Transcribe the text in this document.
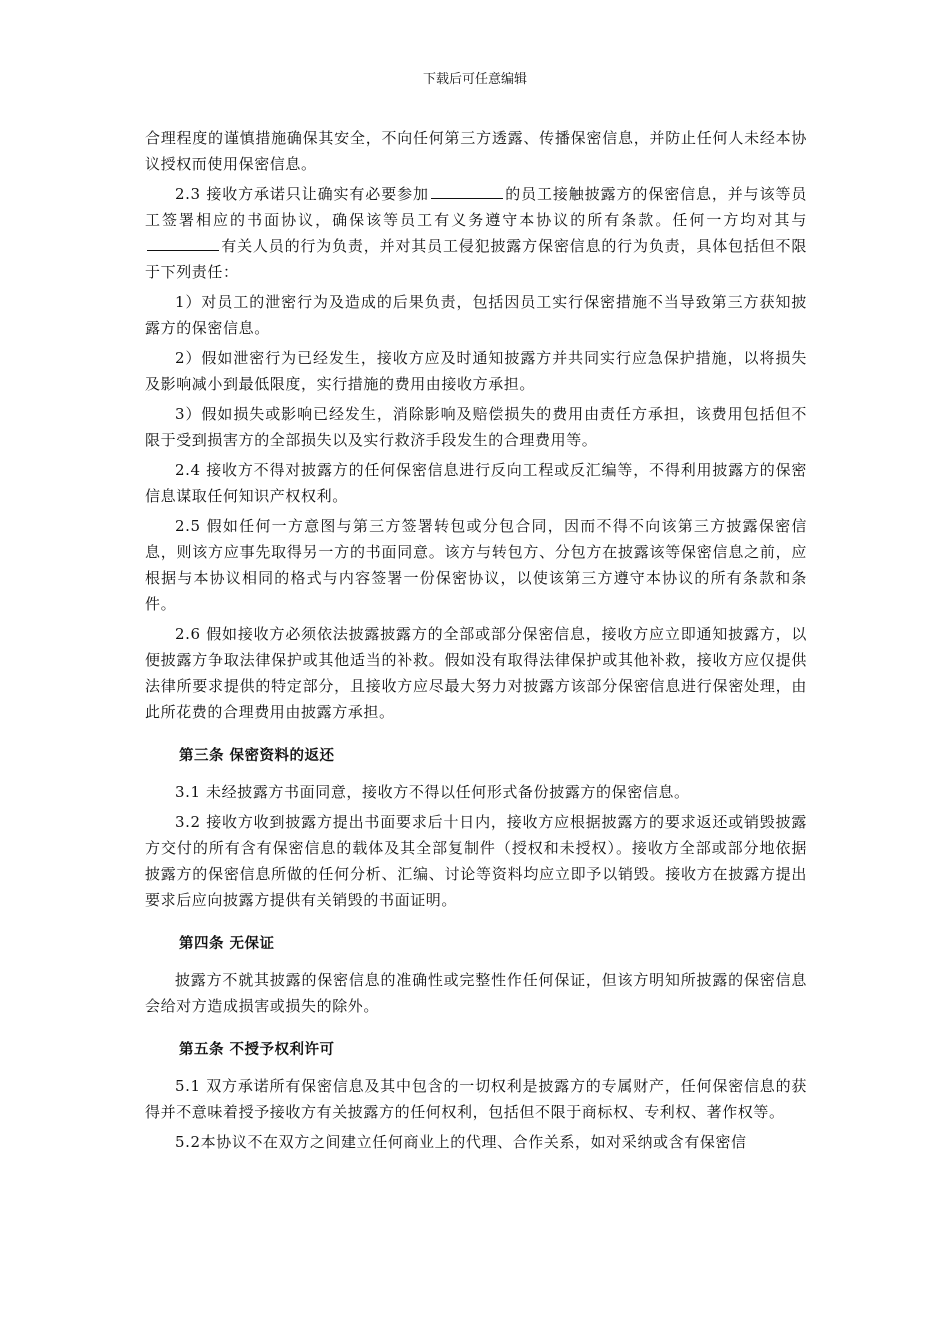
下载后可任意编辑

合理程度的谨慎措施确保其安全，不向任何第三方透露、传播保密信息，并防止任何人未经本协议授权而使用保密信息。

2.3 接收方承诺只让确实有必要参加	的员工接触披露方的保密信息，并与该等员工签署相应的书面协议，确保该等员工有义务遵守本协议的所有条款。任何一方均对其与有关人员的行为负责，并对其员工侵犯披露方保密信息的行为负责，具体包括但不限于下列责任：

1）对员工的泄密行为及造成的后果负责，包括因员工实行保密措施不当导致第三方获知披露方的保密信息。

2）假如泄密行为已经发生，接收方应及时通知披露方并共同实行应急保护措施，以将损失及影响减小到最低限度，实行措施的费用由接收方承担。

3）假如损失或影响已经发生，消除影响及赔偿损失的费用由责任方承担，该费用包括但不限于受到损害方的全部损失以及实行救济手段发生的合理费用等。

2.4 接收方不得对披露方的任何保密信息进行反向工程或反汇编等，不得利用披露方的保密信息谋取任何知识产权权利。

2.5 假如任何一方意图与第三方签署转包或分包合同，因而不得不向该第三方披露保密信息，则该方应事先取得另一方的书面同意。该方与转包方、分包方在披露该等保密信息之前，应根据与本协议相同的格式与内容签署一份保密协议，以使该第三方遵守本协议的所有条款和条件。

2.6 假如接收方必须依法披露披露方的全部或部分保密信息，接收方应立即通知披露方，以便披露方争取法律保护或其他适当的补救。假如没有取得法律保护或其他补救，接收方应仅提供法律所要求提供的特定部分，且接收方应尽最大努力对披露方该部分保密信息进行保密处理，由此所花费的合理费用由披露方承担。

第三条 保密资料的返还

3.1 未经披露方书面同意，接收方不得以任何形式备份披露方的保密信息。

3.2 接收方收到披露方提出书面要求后十日内，接收方应根据披露方的要求返还或销毁披露方交付的所有含有保密信息的载体及其全部复制件（授权和未授权）。接收方全部或部分地依据披露方的保密信息所做的任何分析、汇编、讨论等资料均应立即予以销毁。接收方在披露方提出要求后应向披露方提供有关销毁的书面证明。

第四条 无保证

披露方不就其披露的保密信息的准确性或完整性作任何保证，但该方明知所披露的保密信息会给对方造成损害或损失的除外。

第五条 不授予权利许可

5.1 双方承诺所有保密信息及其中包含的一切权利是披露方的专属财产，任何保密信息的获得并不意味着授予接收方有关披露方的任何权利，包括但不限于商标权、专利权、著作权等。

5.2本协议不在双方之间建立任何商业上的代理、合作关系，如对采纳或含有保密信
